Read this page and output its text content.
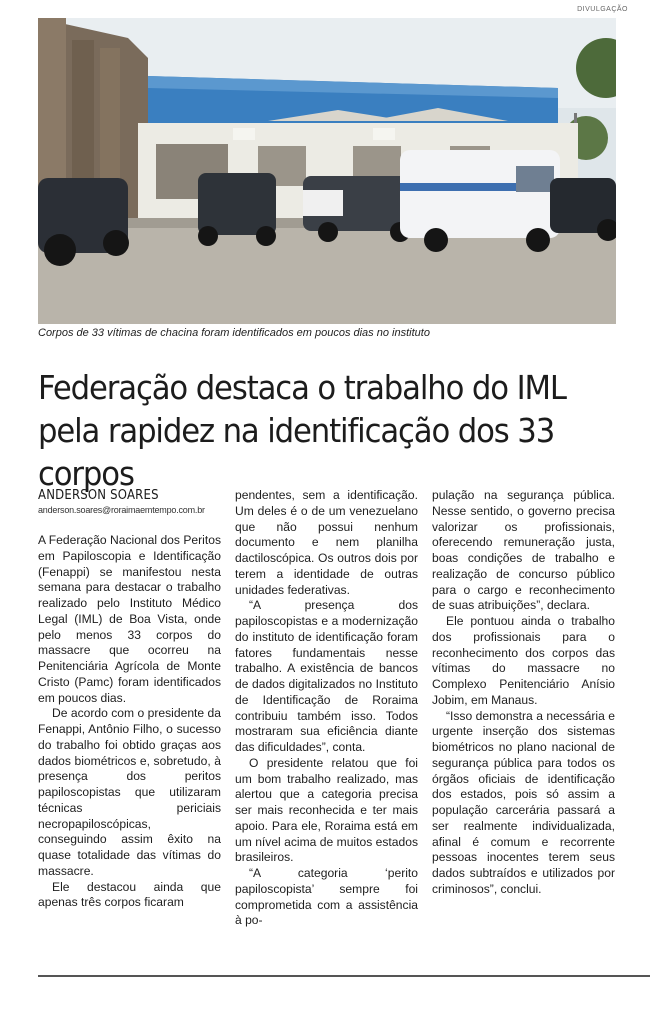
DIVULGAÇÃO
Corpos de 33 vítimas de chacina foram identificados em poucos dias no instituto
Federação destaca o trabalho do IML pela rapidez na identificação dos 33 corpos
ANDERSON SOARES
anderson.soares@roraimaemtempo.com.br

A Federação Nacional dos Peritos em Papiloscopia e Identificação (Fenappi) se manifestou nesta semana para destacar o trabalho realizado pelo Instituto Médico Legal (IML) de Boa Vista, onde pelo menos 33 corpos do massacre que ocorreu na Penitenciária Agrícola de Monte Cristo (Pamc) foram identificados em poucos dias.

De acordo com o presidente da Fenappi, Antônio Filho, o sucesso do trabalho foi obtido graças aos dados biométricos e, sobretudo, à presença dos peritos papiloscopistas que utilizaram técnicas periciais necropapiloscópicas, conseguindo assim êxito na quase totalidade das vítimas do massacre.

Ele destacou ainda que apenas três corpos ficaram

pendentes, sem a identificação. Um deles é o de um venezuelano que não possui nenhum documento e nem planilha dactiloscópica. Os outros dois por terem a identidade de outras unidades federativas.

“A presença dos papiloscopistas e a modernização do instituto de identificação foram fatores fundamentais nesse trabalho. A existência de bancos de dados digitalizados no Instituto de Identificação de Roraima contribuiu também isso. Todos mostraram sua eficiência diante das dificuldades”, conta.

O presidente relatou que foi um bom trabalho realizado, mas alertou que a categoria precisa ser mais reconhecida e ter mais apoio. Para ele, Roraima está em um nível acima de muitos estados brasileiros.

“A categoria ‘perito papiloscopista’ sempre foi comprometida com a assistência à po-

pulação na segurança pública. Nesse sentido, o governo precisa valorizar os profissionais, oferecendo remuneração justa, boas condições de trabalho e realização de concurso público para o cargo e reconhecimento de suas atribuições”, declara.

Ele pontuou ainda o trabalho dos profissionais para o reconhecimento dos corpos das vítimas do massacre no Complexo Penitenciário Anísio Jobim, em Manaus.

“Isso demonstra a necessária e urgente inserção dos sistemas biométricos no plano nacional de segurança pública para todos os órgãos oficiais de identificação dos estados, pois só assim a população carcerária passará a ser realmente individualizada, afinal é comum e recorrente pessoas inocentes terem seus dados subtraídos e utilizados por criminosos”, conclui.
